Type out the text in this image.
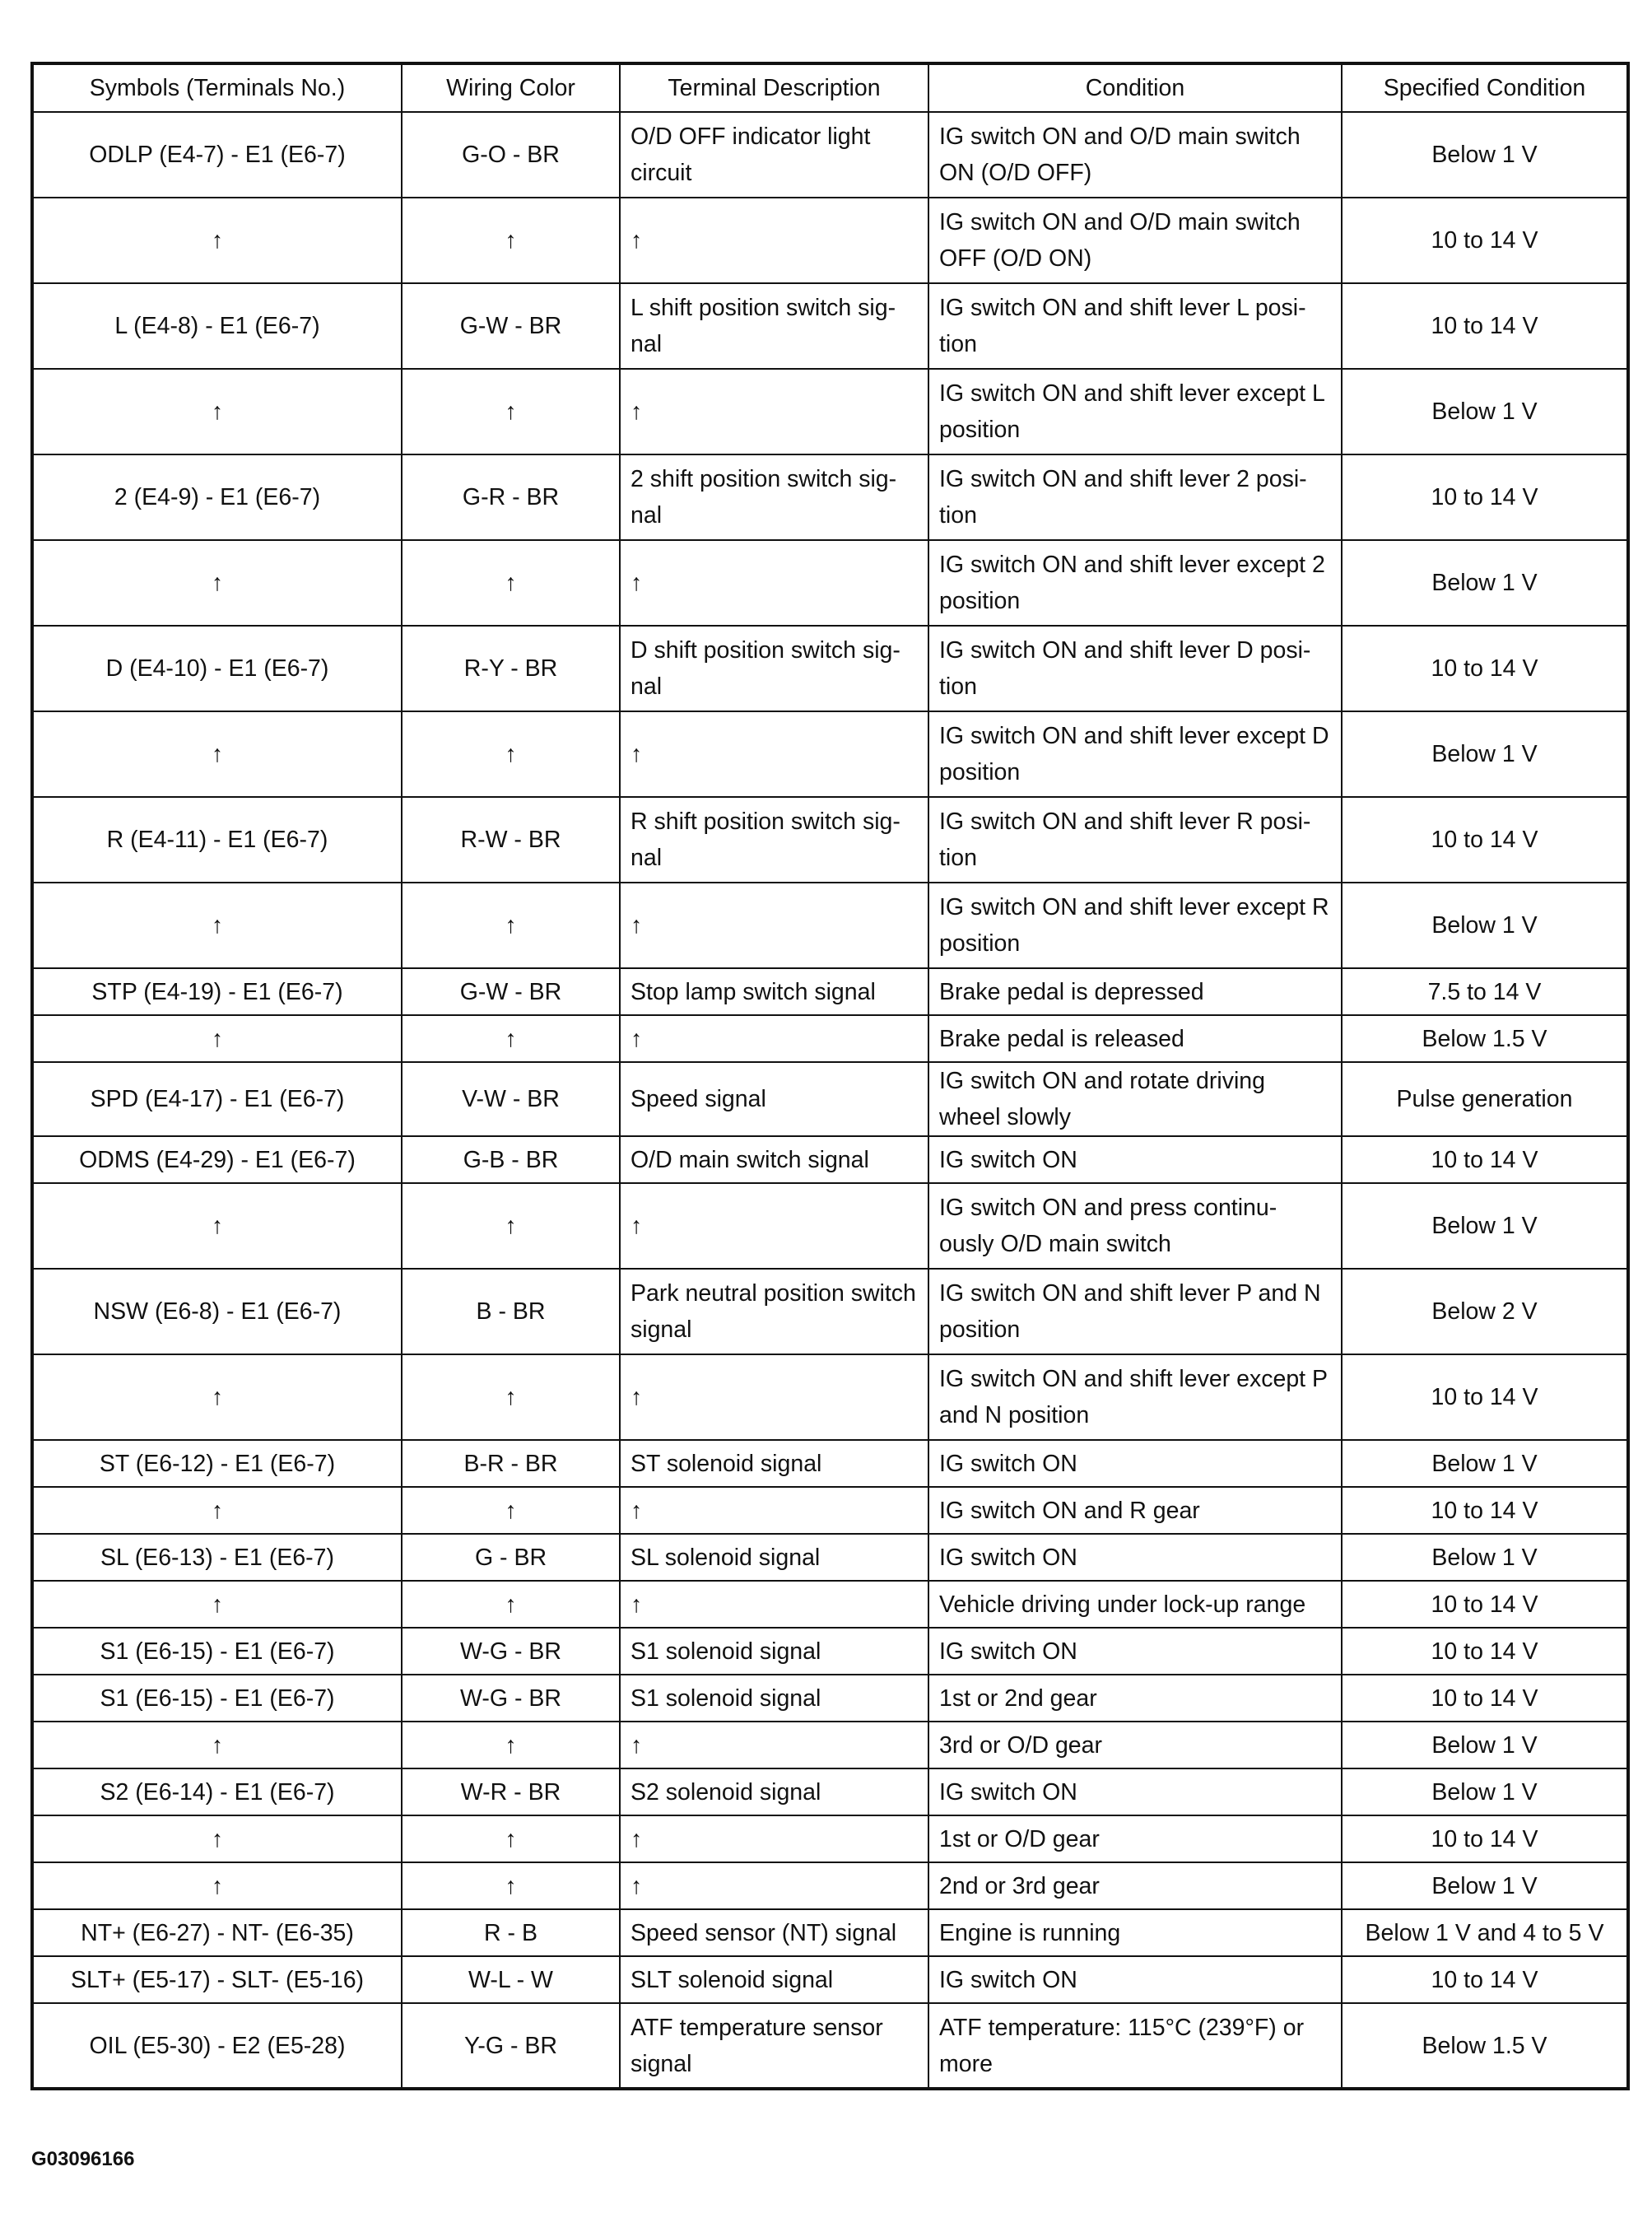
Symbols (Terminals No.)	Wiring Color	Terminal Description	Condition	Specified Condition
ODLP (E4-7) - E1 (E6-7)	G-O - BR	O/D OFF indicator light circuit	IG switch ON and O/D main switch ON (O/D OFF)	Below 1 V
↑	↑	↑	IG switch ON and O/D main switch OFF (O/D ON)	10 to 14 V
L (E4-8) - E1 (E6-7)	G-W - BR	L shift position switch sig-nal	IG switch ON and shift lever L posi-tion	10 to 14 V
↑	↑	↑	IG switch ON and shift lever except L position	Below 1 V
2 (E4-9) - E1 (E6-7)	G-R - BR	2 shift position switch sig-nal	IG switch ON and shift lever 2 posi-tion	10 to 14 V
↑	↑	↑	IG switch ON and shift lever except 2 position	Below 1 V
D (E4-10) - E1 (E6-7)	R-Y - BR	D shift position switch sig-nal	IG switch ON and shift lever D posi-tion	10 to 14 V
↑	↑	↑	IG switch ON and shift lever except D position	Below 1 V
R (E4-11) - E1 (E6-7)	R-W - BR	R shift position switch sig-nal	IG switch ON and shift lever R posi-tion	10 to 14 V
↑	↑	↑	IG switch ON and shift lever except R position	Below 1 V
STP (E4-19) - E1 (E6-7)	G-W - BR	Stop lamp switch signal	Brake pedal is depressed	7.5 to 14 V
↑	↑	↑	Brake pedal is released	Below 1.5 V
SPD (E4-17) - E1 (E6-7)	V-W - BR	Speed signal	IG switch ON and rotate driving wheel slowly	Pulse generation
ODMS (E4-29) - E1 (E6-7)	G-B - BR	O/D main switch signal	IG switch ON	10 to 14 V
↑	↑	↑	IG switch ON and press continu-ously O/D main switch	Below 1 V
NSW (E6-8) - E1 (E6-7)	B - BR	Park neutral position switch signal	IG switch ON and shift lever P and N position	Below 2 V
↑	↑	↑	IG switch ON and shift lever except P and N position	10 to 14 V
ST (E6-12) - E1 (E6-7)	B-R - BR	ST solenoid signal	IG switch ON	Below 1 V
↑	↑	↑	IG switch ON and R gear	10 to 14 V
SL (E6-13) - E1 (E6-7)	G - BR	SL solenoid signal	IG switch ON	Below 1 V
↑	↑	↑	Vehicle driving under lock-up range	10 to 14 V
S1 (E6-15) - E1 (E6-7)	W-G - BR	S1 solenoid signal	IG switch ON	10 to 14 V
S1 (E6-15) - E1 (E6-7)	W-G - BR	S1 solenoid signal	1st or 2nd gear	10 to 14 V
↑	↑	↑	3rd or O/D gear	Below 1 V
S2 (E6-14) - E1 (E6-7)	W-R - BR	S2 solenoid signal	IG switch ON	Below 1 V
↑	↑	↑	1st or O/D gear	10 to 14 V
↑	↑	↑	2nd or 3rd gear	Below 1 V
NT+ (E6-27) - NT- (E6-35)	R - B	Speed sensor (NT) signal	Engine is running	Below 1 V and 4 to 5 V
SLT+ (E5-17) - SLT- (E5-16)	W-L - W	SLT solenoid signal	IG switch ON	10 to 14 V
OIL (E5-30) - E2 (E5-28)	Y-G - BR	ATF temperature sensor signal	ATF temperature: 115°C (239°F) or more	Below 1.5 V
G03096166
